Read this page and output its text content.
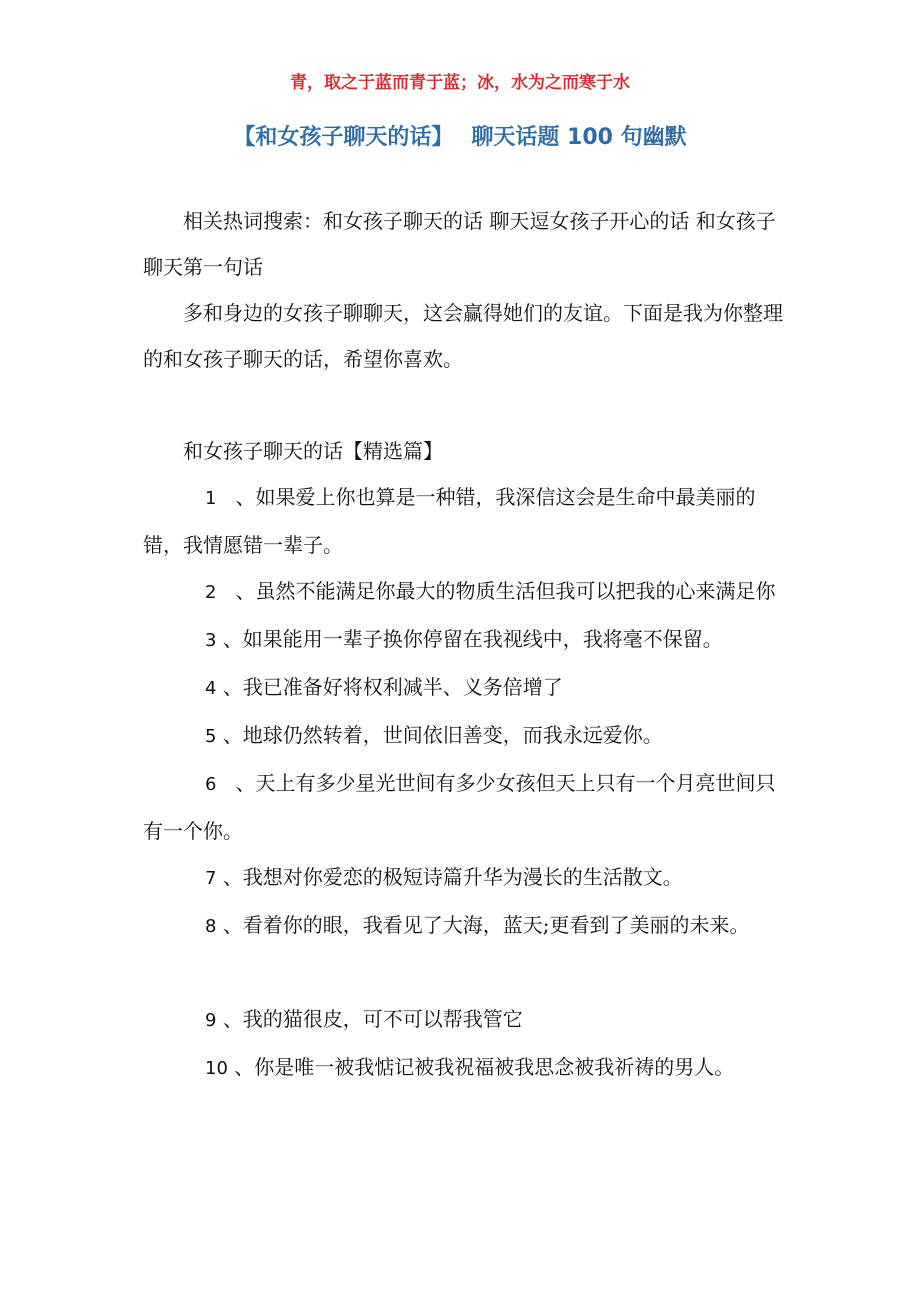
青，取之于蓝而青于蓝；冰，水为之而寒于水
【和女孩子聊天的话】 聊天话题 100 句幽默

相关热词搜索：和女孩子聊天的话 聊天逗女孩子开心的话 和女孩子聊天第一句话

多和身边的女孩子聊聊天，这会赢得她们的友谊。下面是我为你整理的和女孩子聊天的话，希望你喜欢。

和女孩子聊天的话【精选篇】

1 、如果爱上你也算是一种错，我深信这会是生命中最美丽的错，我情愿错一辈子。

2 、虽然不能满足你最大的物质生活但我可以把我的心来满足你

3 、如果能用一辈子换你停留在我视线中，我将毫不保留。

4 、我已准备好将权利减半、义务倍增了

5 、地球仍然转着，世间依旧善变，而我永远爱你。

6 、天上有多少星光世间有多少女孩但天上只有一个月亮世间只有一个你。

7 、我想对你爱恋的极短诗篇升华为漫长的生活散文。

8 、看着你的眼，我看见了大海，蓝天;更看到了美丽的未来。

9 、我的猫很皮，可不可以帮我管它

10 、你是唯一被我惦记被我祝福被我思念被我祈祷的男人。
